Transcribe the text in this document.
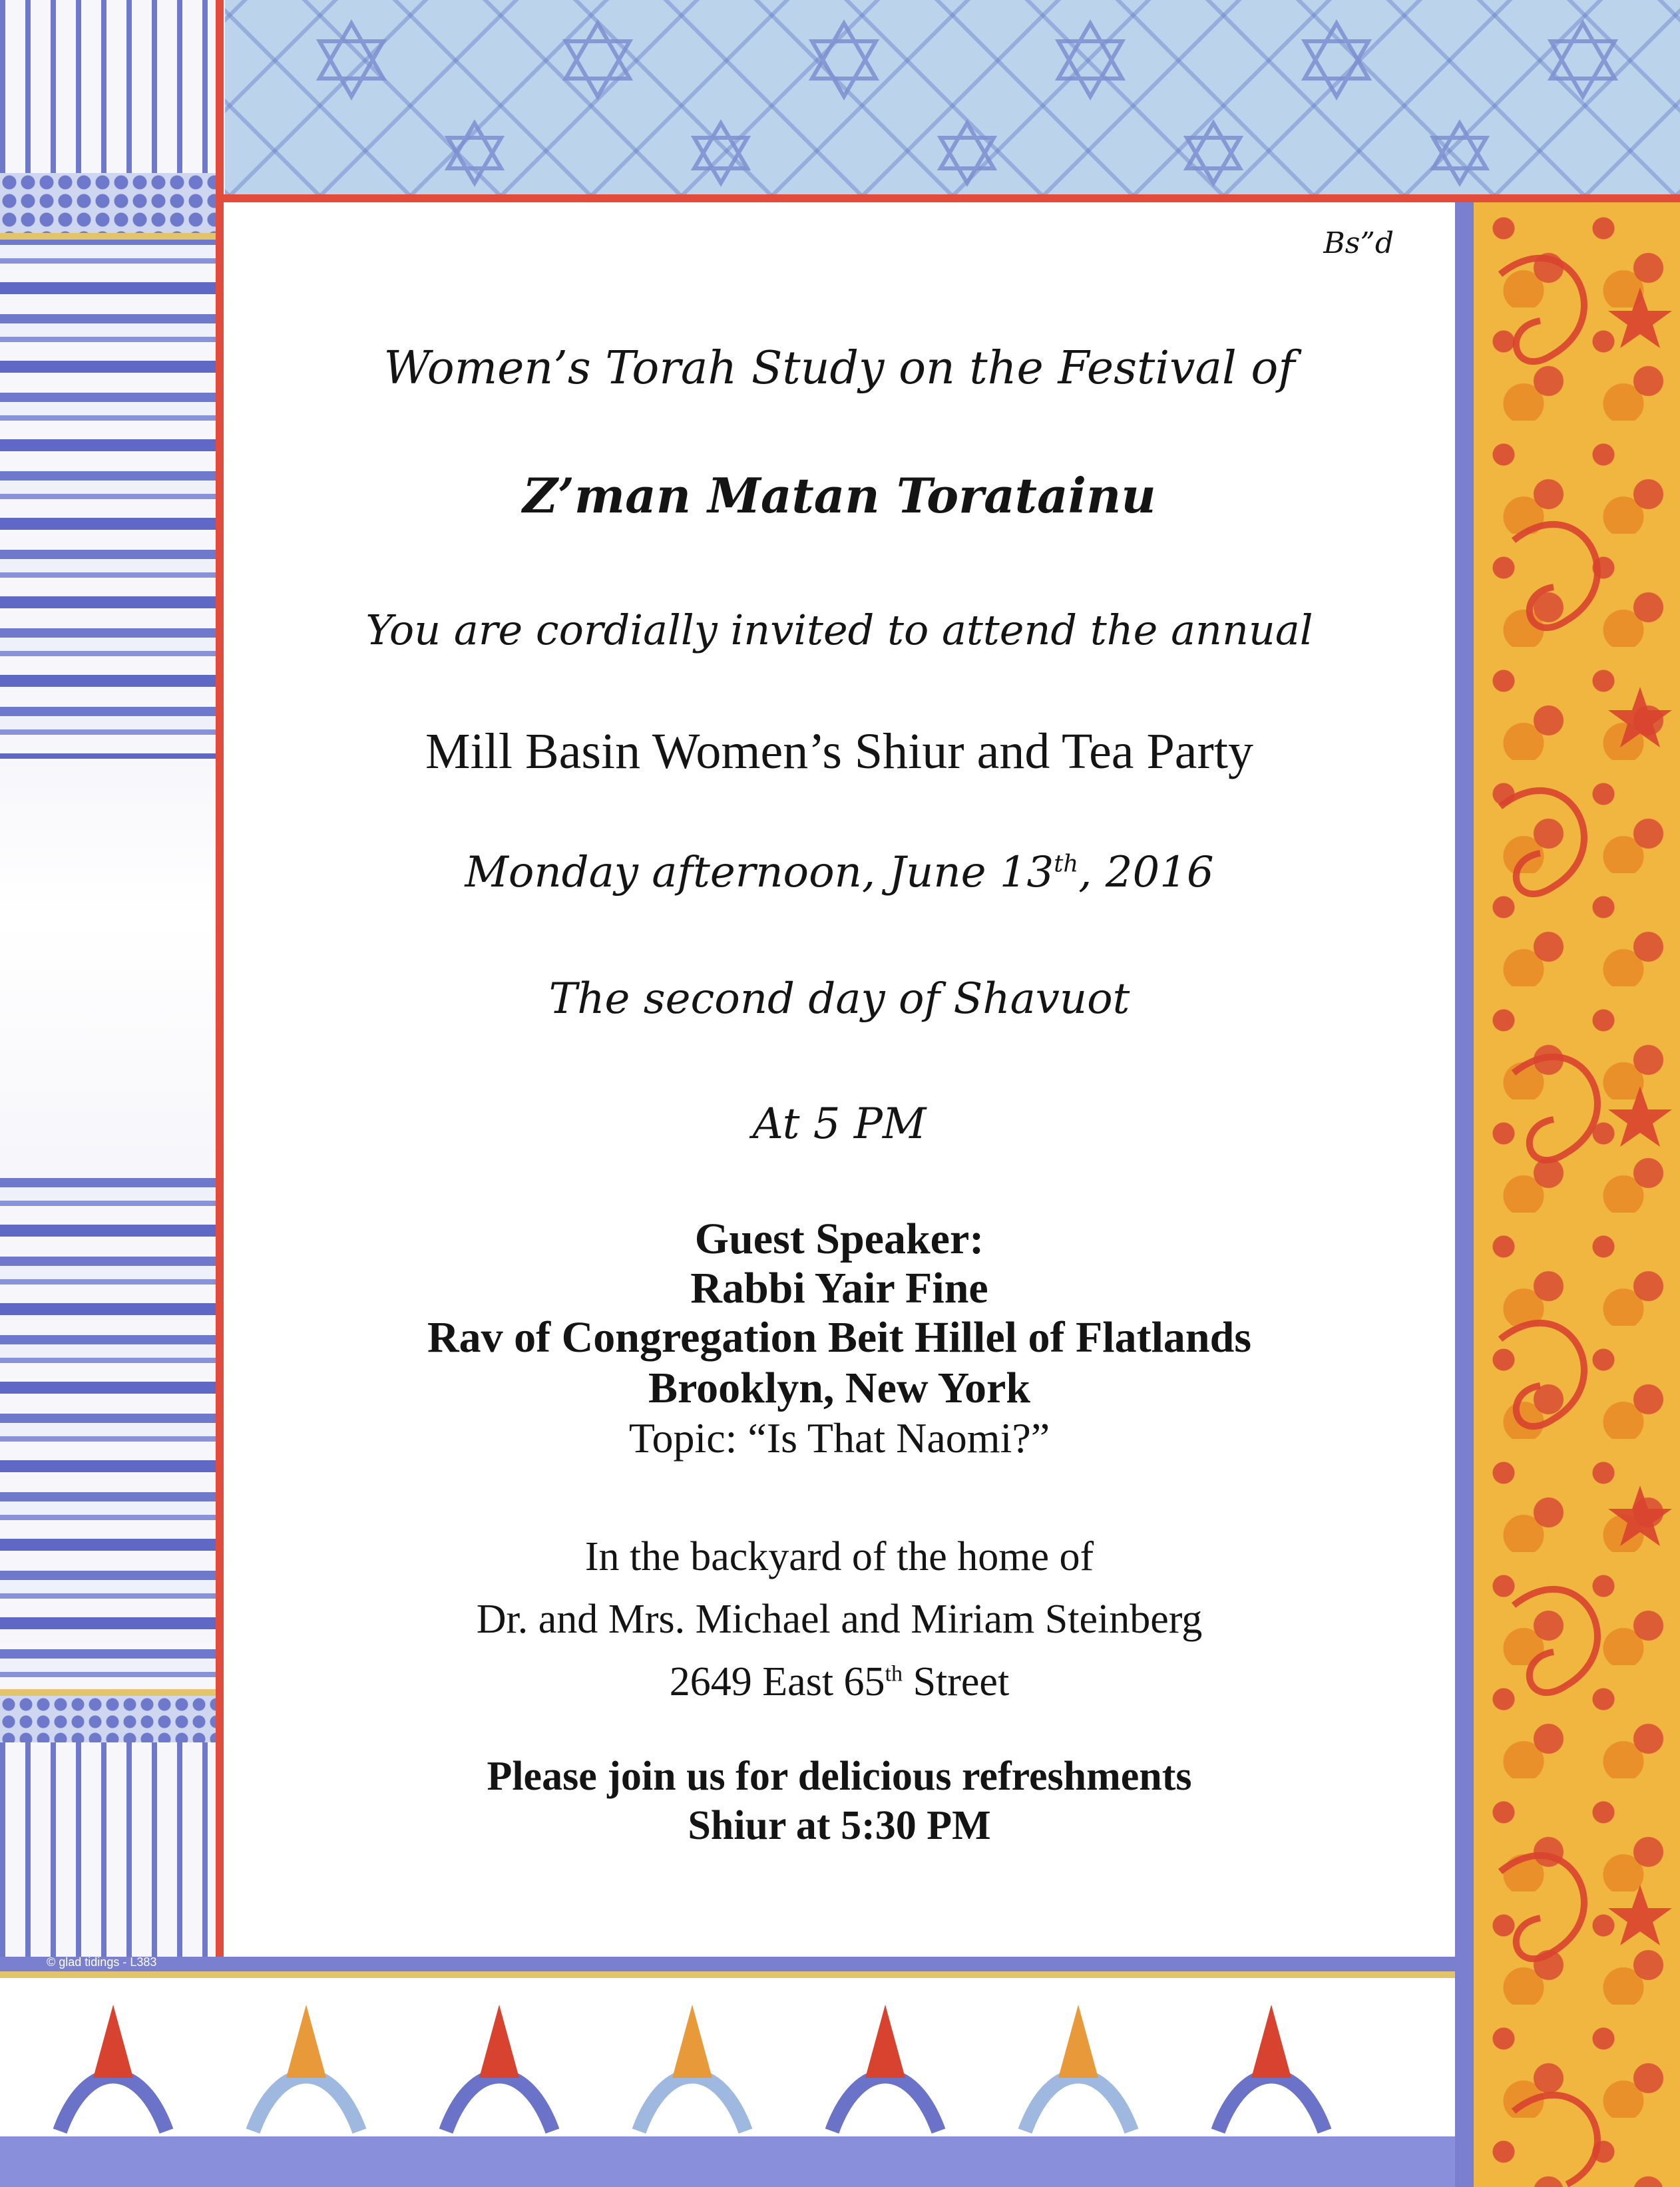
© glad tidings - L383
Bs”d
Women’s Torah Study on the Festival of
Z’man Matan Toratainu
You are cordially invited to attend the annual
Mill Basin Women’s Shiur and Tea Party
Monday afternoon, June 13th, 2016
The second day of Shavuot
At 5 PM
Guest Speaker:
Rabbi Yair Fine
Rav of Congregation Beit Hillel of Flatlands
Brooklyn, New York
Topic: “Is That Naomi?”
In the backyard of the home of
Dr. and Mrs. Michael and Miriam Steinberg
2649 East 65th Street
Please join us for delicious refreshments
Shiur at 5:30 PM
